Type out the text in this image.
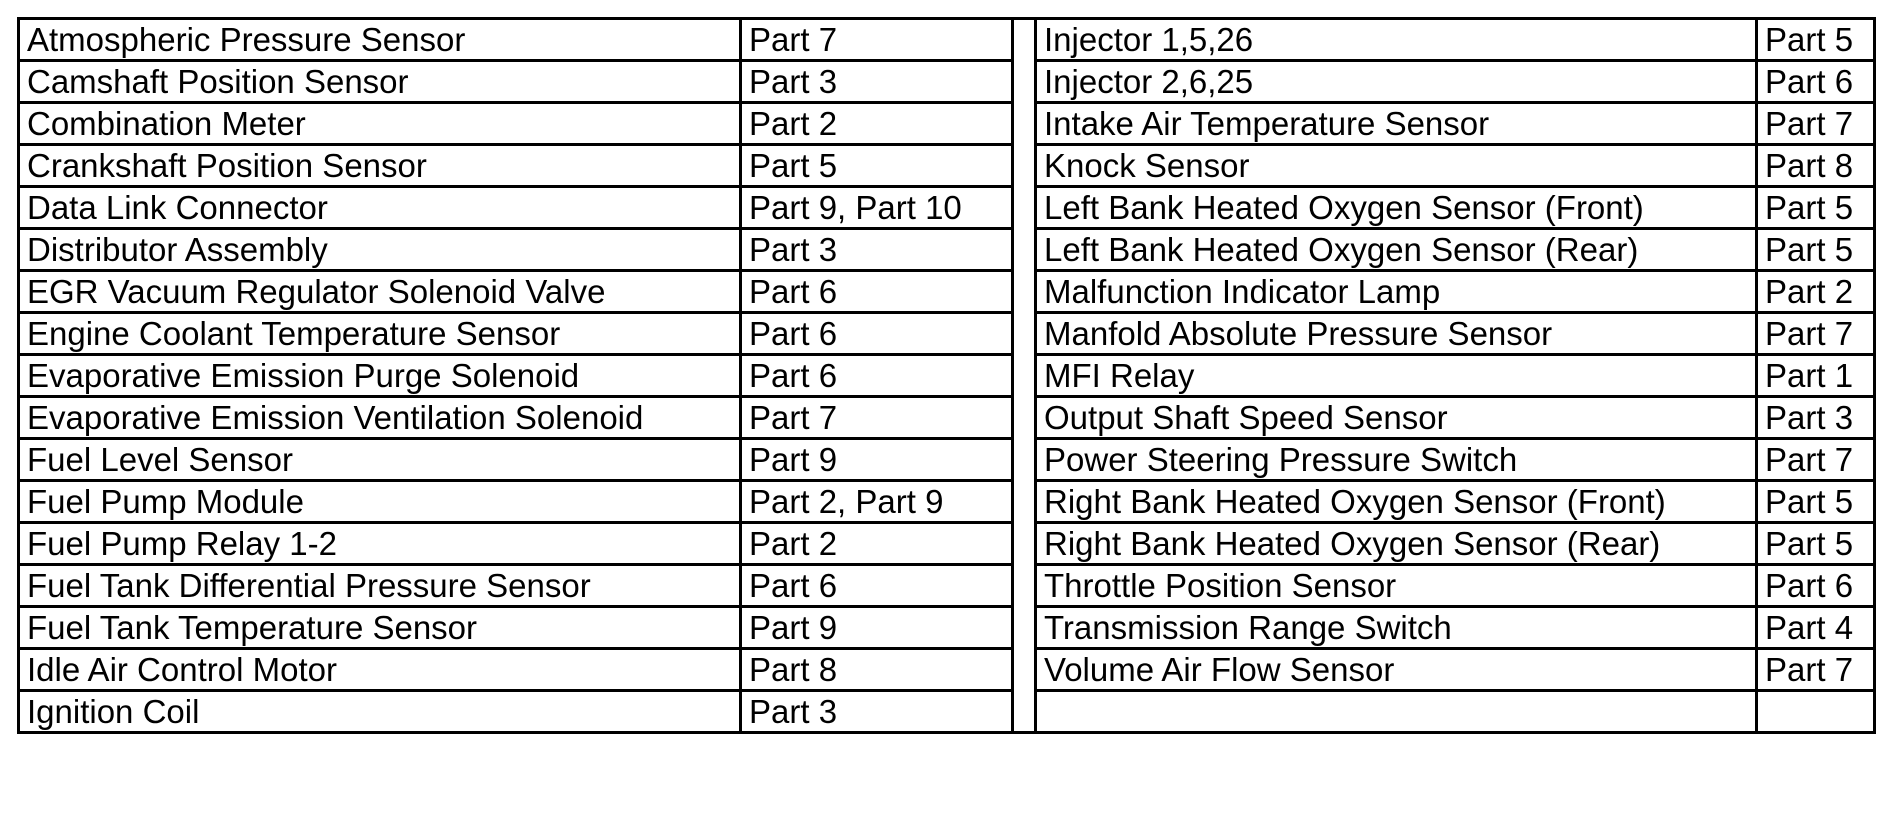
Atmospheric Pressure Sensor	Part 7
Camshaft Position Sensor	Part 3
Combination Meter	Part 2
Crankshaft Position Sensor	Part 5
Data Link Connector	Part 9, Part 10
Distributor Assembly	Part 3
EGR Vacuum Regulator Solenoid Valve	Part 6
Engine Coolant Temperature Sensor	Part 6
Evaporative Emission Purge Solenoid	Part 6
Evaporative Emission Ventilation Solenoid	Part 7
Fuel Level Sensor	Part 9
Fuel Pump Module	Part 2, Part 9
Fuel Pump Relay 1-2	Part 2
Fuel Tank Differential Pressure Sensor	Part 6
Fuel Tank Temperature Sensor	Part 9
Idle Air Control Motor	Part 8
Ignition Coil	Part 3
Injector 1,5,26	Part 5
Injector 2,6,25	Part 6
Intake Air Temperature Sensor	Part 7
Knock Sensor	Part 8
Left Bank Heated Oxygen Sensor (Front)	Part 5
Left Bank Heated Oxygen Sensor (Rear)	Part 5
Malfunction Indicator Lamp	Part 2
Manfold Absolute Pressure Sensor	Part 7
MFI Relay	Part 1
Output Shaft Speed Sensor	Part 3
Power Steering Pressure Switch	Part 7
Right Bank Heated Oxygen Sensor (Front)	Part 5
Right Bank Heated Oxygen Sensor (Rear)	Part 5
Throttle Position Sensor	Part 6
Transmission Range Switch	Part 4
Volume Air Flow Sensor	Part 7
